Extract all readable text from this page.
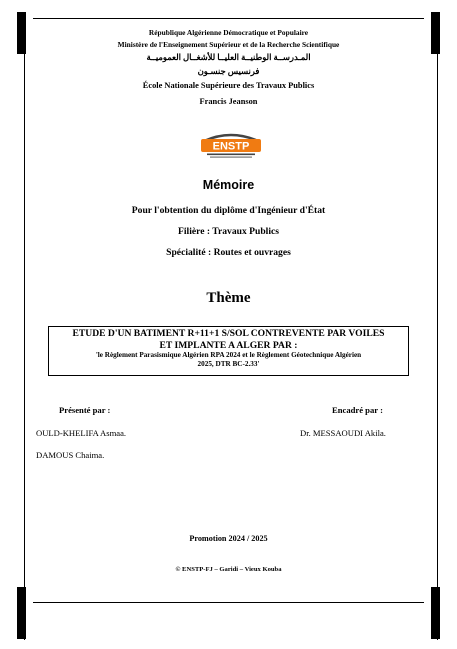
République Algérienne Démocratique et Populaire
Ministère de l'Enseignement Supérieur et de la Recherche Scientifique
المـدرســة الوطنيــة العليــا للأشغــال العموميــة
فرنسيس جنسـون
École Nationale Supérieure des Travaux Publics
Francis Jeanson
ENSTP
Mémoire
Pour l'obtention du diplôme d'Ingénieur d'État
Filière : Travaux Publics
Spécialité : Routes et ouvrages
Thème
ETUDE D'UN BATIMENT R+11+1 S/SOL CONTREVENTE PAR VOILES
ET IMPLANTE A ALGER PAR :
'le Règlement Parasismique Algérien RPA 2024 et le Règlement Géotechnique Algérien
2025, DTR BC-2.33'
Présenté par :	Encadré par :
OULD-KHELIFA Asmaa.	Dr. MESSAOUDI Akila.
DAMOUS Chaima.
Promotion 2024 / 2025
© ENSTP-FJ – Garidi – Vieux Kouba
